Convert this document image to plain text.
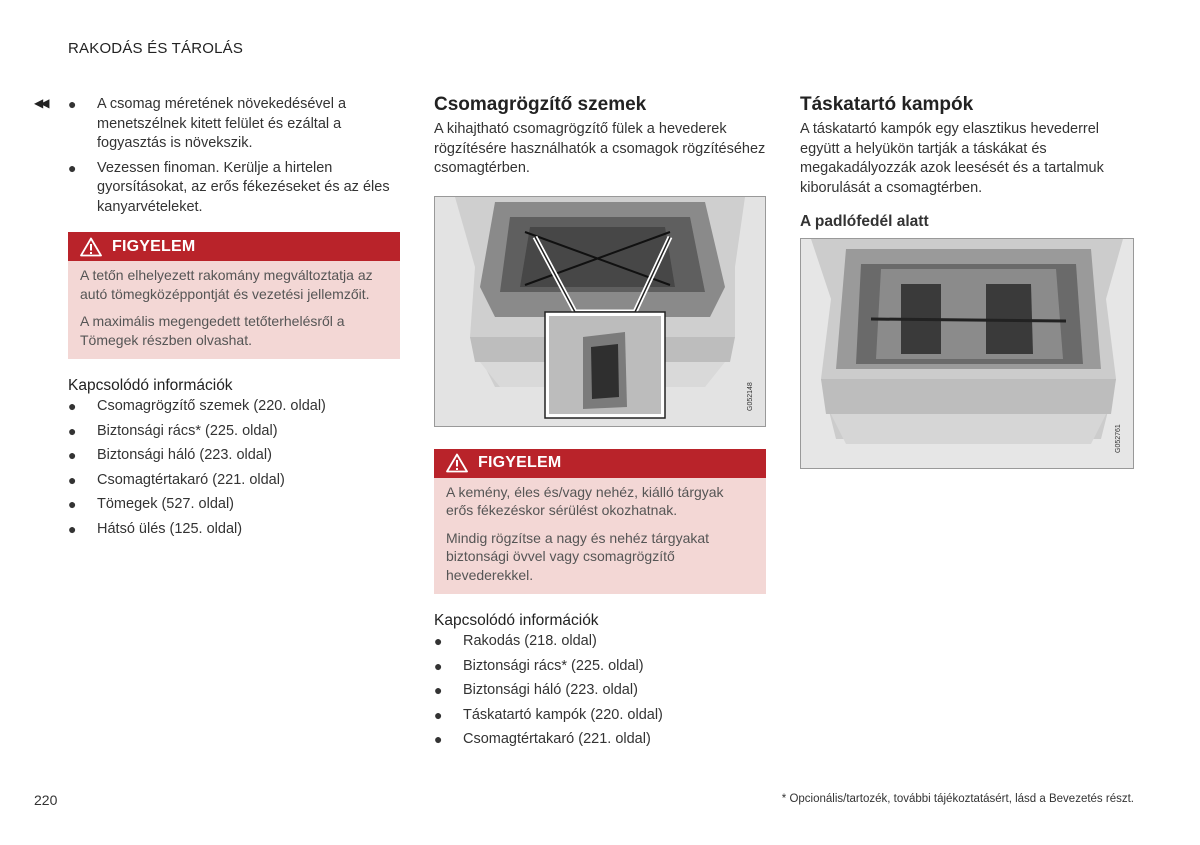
RAKODÁS ÉS TÁROLÁS
◀◀ ● A csomag méretének növekedésével a menetszélnek kitett felület és ezáltal a fogyasztás is növekszik.
● Vezessen finoman. Kerülje a hirtelen gyorsításokat, az erős fékezéseket és az éles kanyarvételeket.
FIGYELEM

A tetőn elhelyezett rakomány megváltoztatja az autó tömegközéppontját és vezetési jellemzőit.

A maximális megengedett tetőterhelésről a Tömegek részben olvashat.

Kapcsolódó információk
● Csomagrögzítő szemek (220. oldal)
● Biztonsági rács* (225. oldal)
● Biztonsági háló (223. oldal)
● Csomagtértakaró (221. oldal)
● Tömegek (527. oldal)
● Hátsó ülés (125. oldal)
Csomagrögzítő szemek

A kihajtható csomagrögzítő fülek a hevederek rögzítésére használhatók a csomagok rögzítéséhez csomagtérben.

G052148
FIGYELEM

A kemény, éles és/vagy nehéz, kiálló tárgyak erős fékezéskor sérülést okozhatnak.

Mindig rögzítse a nagy és nehéz tárgyakat biztonsági övvel vagy csomagrögzítő hevederekkel.

Kapcsolódó információk
● Rakodás (218. oldal)
● Biztonsági rács* (225. oldal)
● Biztonsági háló (223. oldal)
● Táskatartó kampók (220. oldal)
● Csomagtértakaró (221. oldal)
Táskatartó kampók

A táskatartó kampók egy elasztikus hevederrel együtt a helyükön tartják a táskákat és megakadályozzák azok leesését és a tartalmuk kiborulását a csomagtérben.

A padlófedél alatt
G052761
220	* Opcionális/tartozék, további tájékoztatásért, lásd a Bevezetés részt.
